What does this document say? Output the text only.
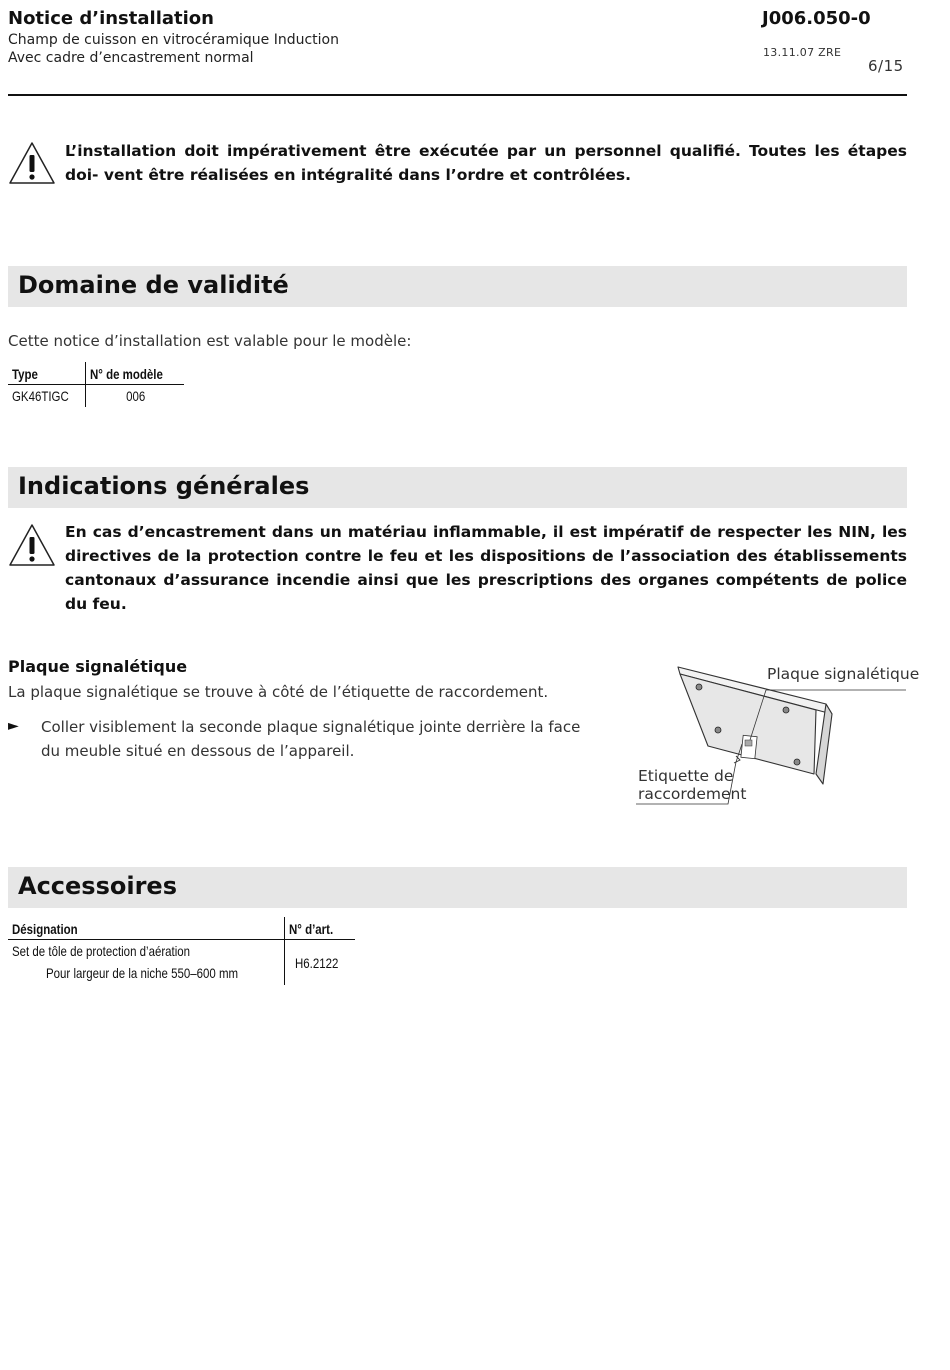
Notice d’installation
Champ de cuisson en vitrocéramique Induction
Avec cadre d’encastrement normal
J006.050-0
13.11.07 ZRE
6/15
L’installation doit impérativement être exécutée par un personnel qualifié. Toutes les étapes doi- vent être réalisées en intégralité dans l’ordre et contrôlées.
Domaine de validité
Cette notice d’installation est valable pour le modèle:
Type	N° de modèle
GK46TIGC	006
Indications générales
En cas d’encastrement dans un matériau inflammable, il est impératif de respecter les NIN, les directives de la protection contre le feu et les dispositions de l’association des établissements cantonaux d’assurance incendie ainsi que les prescriptions des organes compétents de police du feu.
Plaque signalétique
La plaque signalétique se trouve à côté de l’étiquette de raccordement.
► Coller visiblement la seconde plaque signalétique jointe derrière la face du meuble situé en dessous de l’appareil.
Plaque signalétique
Etiquette de
raccordement
Accessoires
Désignation	N° d’art.

Set de tôle de protection d’aération
Pour largeur de la niche 550–600 mm	H6.2122
